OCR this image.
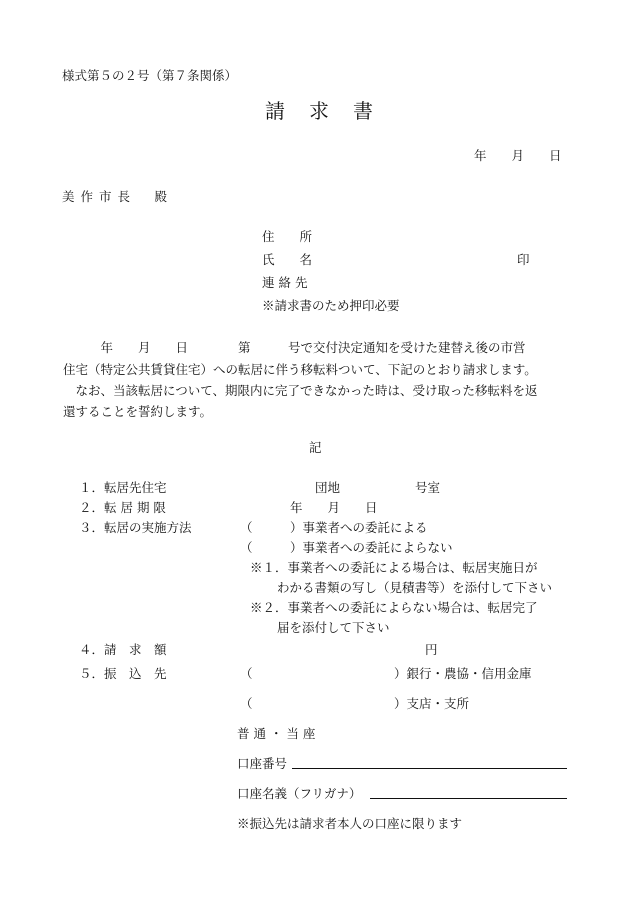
様式第５の２号（第７条関係）
請求書
年　　月　　日
美作市長　殿
住　　所
氏　　名	印
連 絡 先
※請求書のため押印必要
　　　年　　月　　日　　　　第　　　号で交付決定通知を受けた建替え後の市営
住宅（特定公共賃貸住宅）への転居に伴う移転料ついて、下記のとおり請求します。
　なお、当該転居について、期限内に完了できなかった時は、受け取った移転料を返
還することを誓約します。
記
１．転居先住宅	団地　　　　　　号室
２．転 居 期 限	年　　月　　日
３．転居の実施方法	（　　　）事業者への委託による
（　　　）事業者への委託によらない
※１．事業者への委託による場合は、転居実施日が
わかる書類の写し（見積書等）を添付して下さい
※２．事業者への委託によらない場合は、転居完了
届を添付して下さい
４．請　求　額	円
５．振　込　先	（	）銀行・農協・信用金庫
（	）支店・支所
普 通 ・ 当 座
口座番号
口座名義（フリガナ）
※振込先は請求者本人の口座に限ります
